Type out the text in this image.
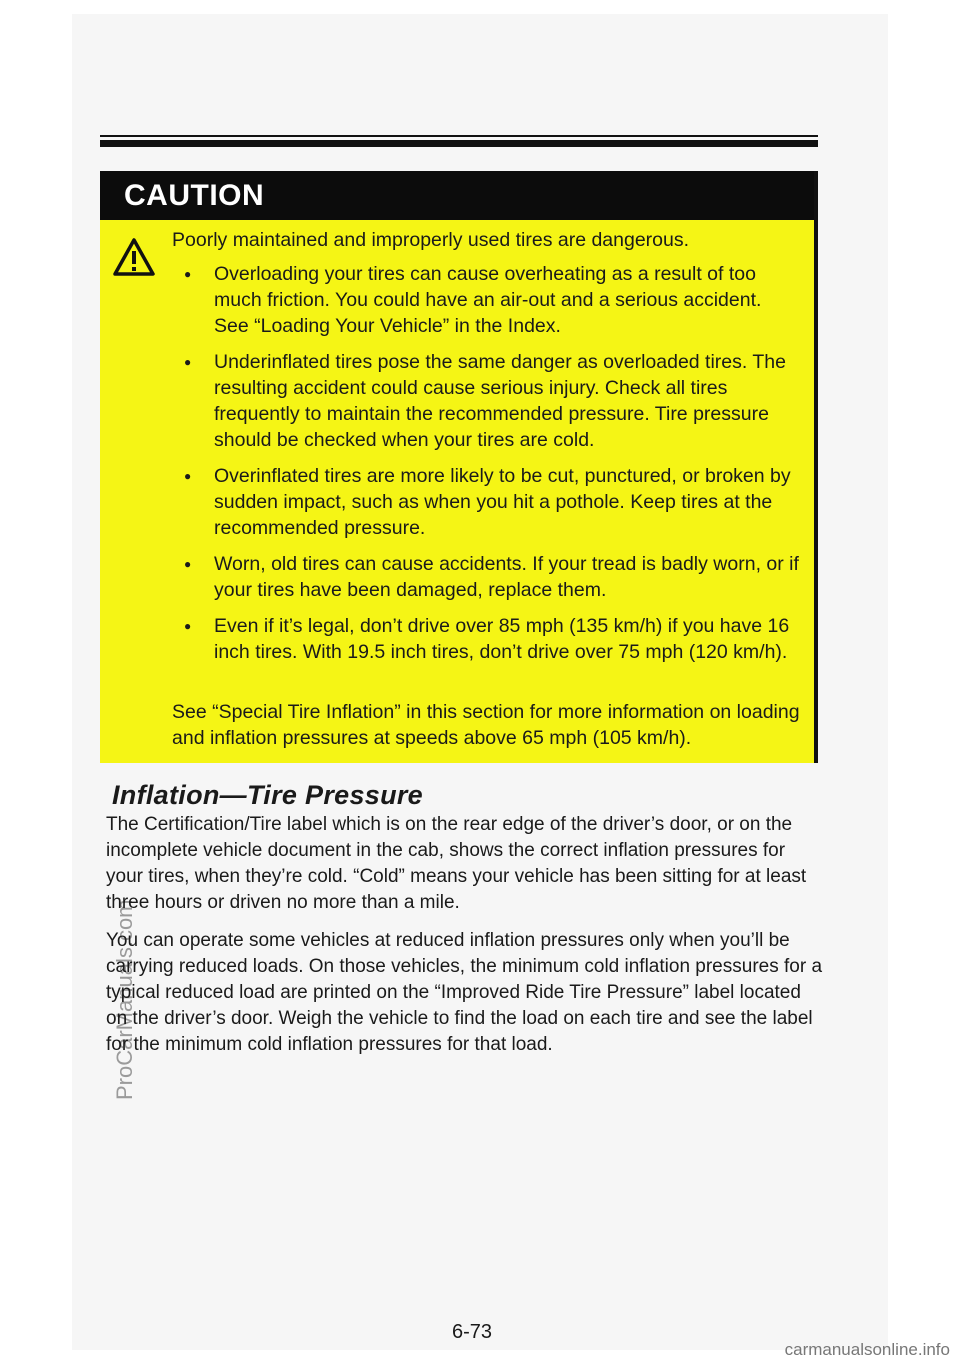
CAUTION
Poorly maintained and improperly used tires are dangerous.
● Overloading your tires can cause overheating as a result of too much friction. You could have an air-out and a serious accident. See “Loading Your Vehicle” in the Index.
● Underinflated tires pose the same danger as overloaded tires. The resulting accident could cause serious injury. Check all tires frequently to maintain the recommended pressure. Tire pressure should be checked when your tires are cold.
● Overinflated tires are more likely to be cut, punctured, or broken by sudden impact, such as when you hit a pothole. Keep tires at the recommended pressure.
● Worn, old tires can cause accidents. If your tread is badly worn, or if your tires have been damaged, replace them.
● Even if it’s legal, don’t drive over 85 mph (135 km/h) if you have 16 inch tires. With 19.5 inch tires, don’t drive over 75 mph (120 km/h).
See “Special Tire Inflation” in this section for more information on loading and inflation pressures at speeds above 65 mph (105 km/h).
ProCarManuals.com
Inflation—Tire Pressure

The Certification/Tire label which is on the rear edge of the driver’s door, or on the incomplete vehicle document in the cab, shows the correct inflation pressures for your tires, when they’re cold. “Cold” means your vehicle has been sitting for at least three hours or driven no more than a mile.

You can operate some vehicles at reduced inflation pressures only when you’ll be carrying reduced loads. On those vehicles, the minimum cold inflation pressures for a typical reduced load are printed on the “Improved Ride Tire Pressure” label located on the driver’s door. Weigh the vehicle to find the load on each tire and see the label for the minimum cold inflation pressures for that load.

6-73
carmanualsonline.info
